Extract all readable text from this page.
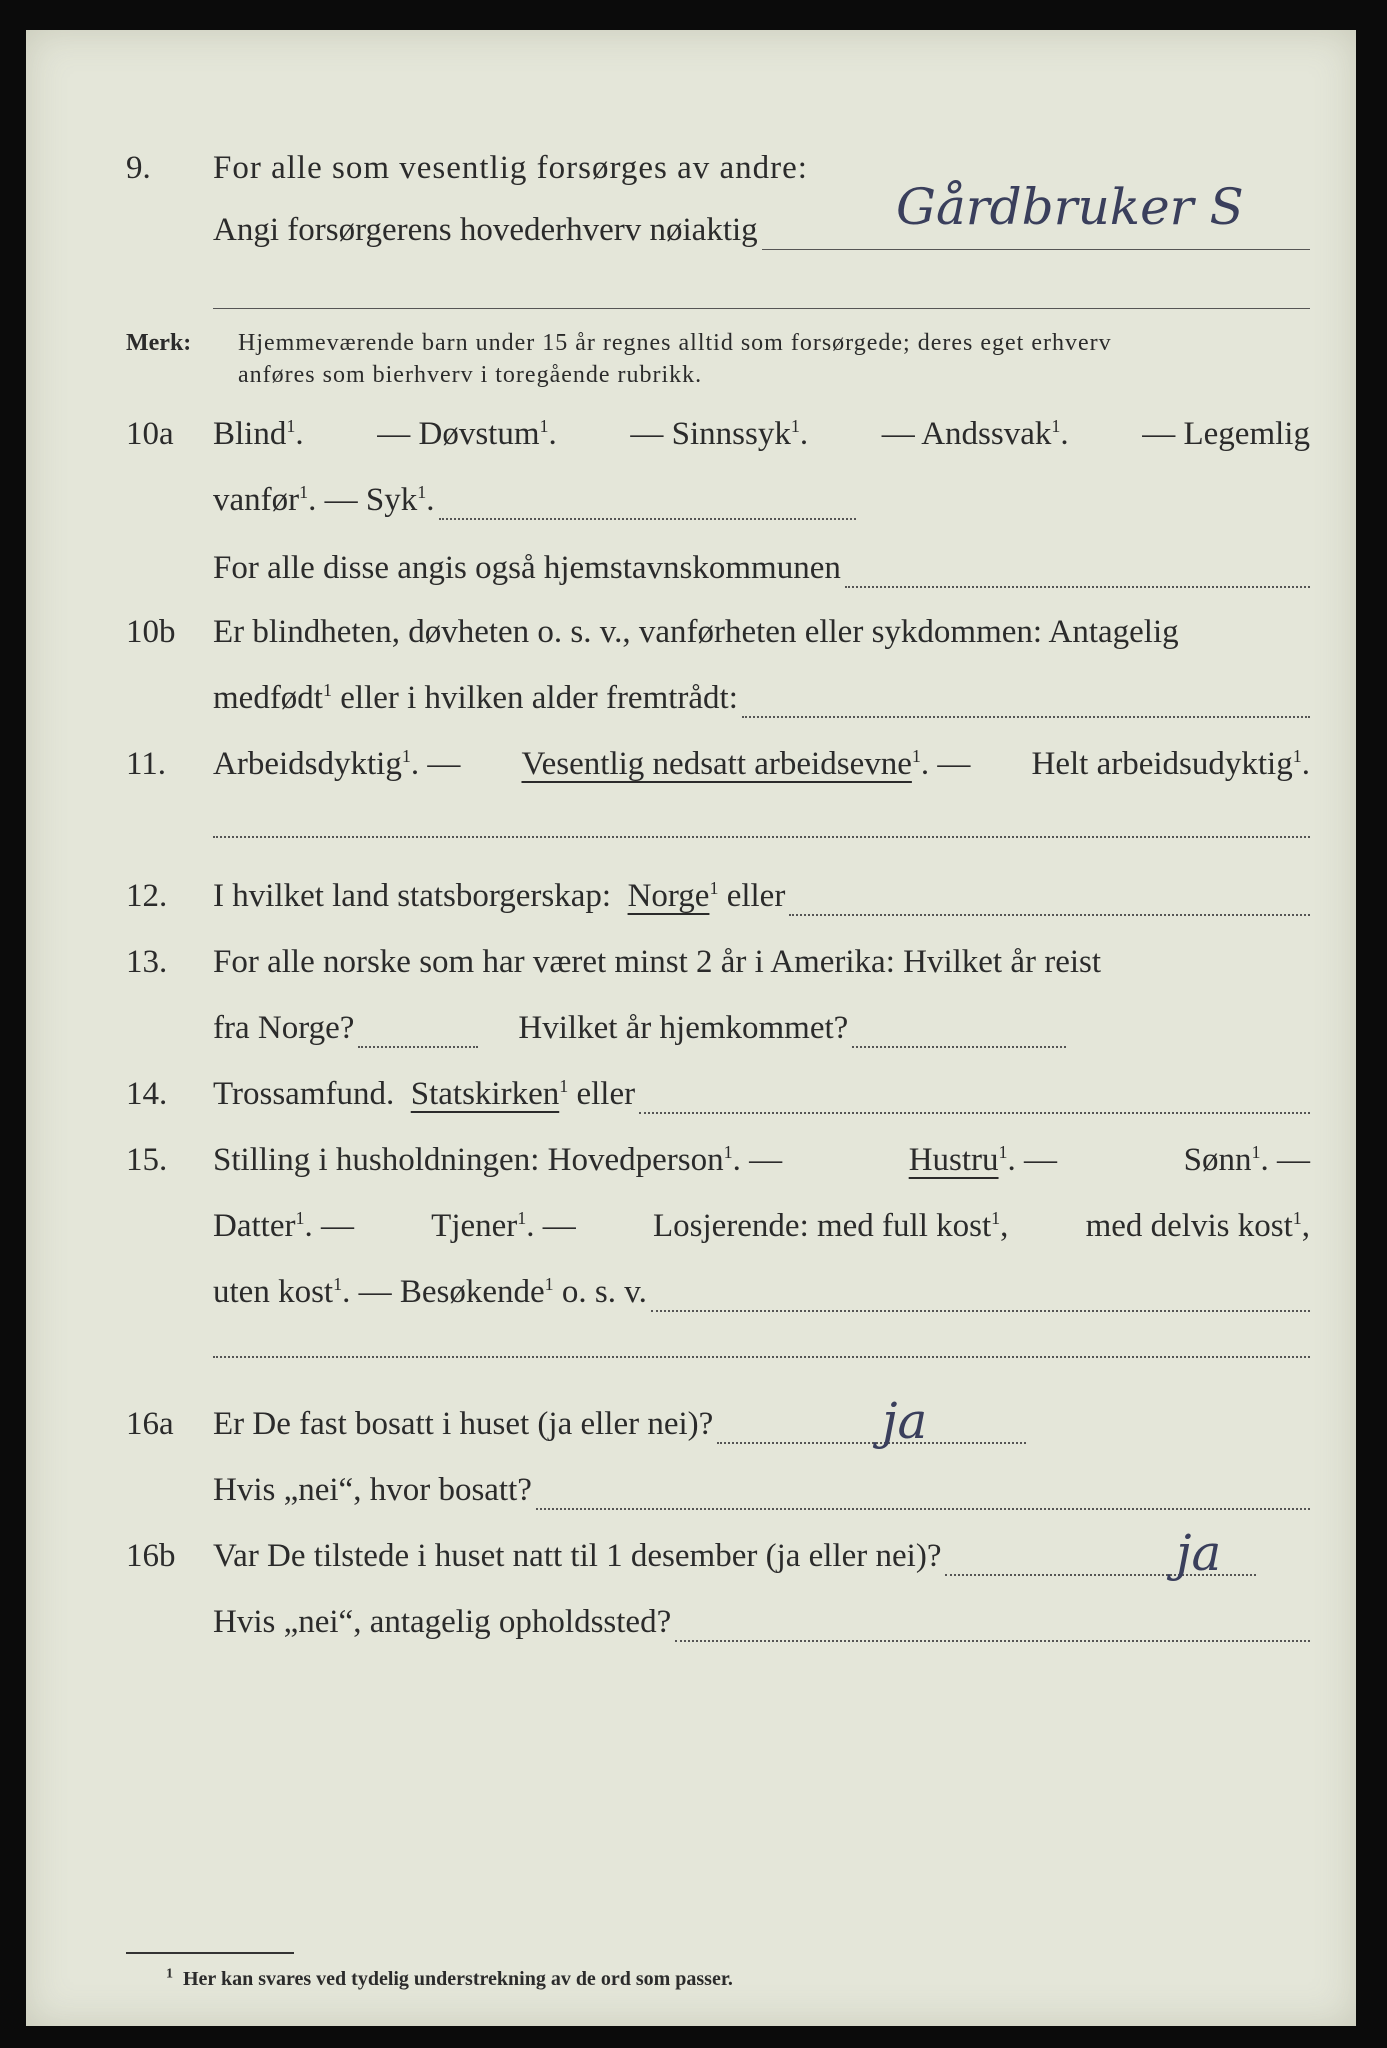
9.	For alle som vesentlig forsørges av andre:
Angi forsørgerens hovederhverv nøiaktig	Gårdbruker S
Merk: Hjemmeværende barn under 15 år regnes alltid som forsørgede; deres eget erhverv
anføres som bierhverv i toregående rubrikk.
10a	Blind$^1$. — Døvstum$^1$. — Sinnssyk$^1$. — Andssvak$^1$. — Legemlig
vanfør$^1$. — Syk$^1$.
For alle disse angis også hjemstavnskommunen
10b	Er blindheten, døvheten o. s. v., vanførheten eller sykdommen: Antagelig
medfødt$^1$ eller i hvilken alder fremtrådt:
11.	Arbeidsdyktig$^1$. — Vesentlig nedsatt arbeidsevne$^1$. — Helt arbeidsudyktig$^1$.
12.	I hvilket land statsborgerskap:
Norge$^1$ eller
13.	For alle norske som har været minst 2 år i Amerika: Hvilket år reist
fra Norge?	Hvilket år hjemkommet?
14.	Trossamfund.
Statskirken$^1$ eller
15.	Stilling i husholdningen: Hovedperson$^1$. —	Hustru$^1$. —	Sønn$^1$. —
Datter$^1$. — Tjener$^1$. — Losjerende: med full kost$^1$, med delvis kost$^1$,
uten kost$^1$. — Besøkende$^1$ o. s. v.
16a	Er De fast bosatt i huset (ja eller nei)?	ja
Hvis „nei“, hvor bosatt?
16b	Var De tilstede i huset natt til 1 desember (ja eller nei)?	ja
Hvis „nei“, antagelig opholdssted?
$^1$ Her kan svares ved tydelig understrekning av de ord som passer.
